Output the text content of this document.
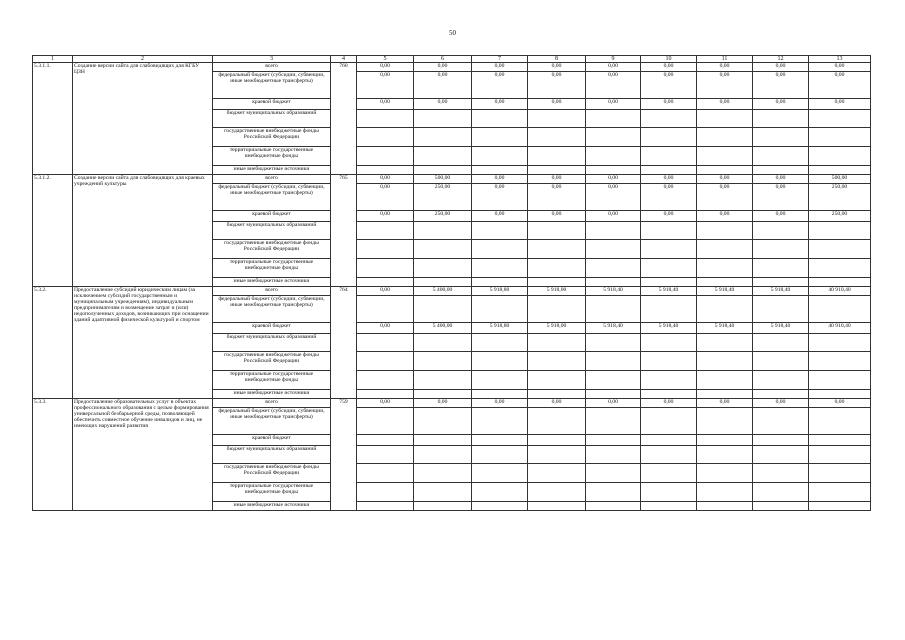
50
1	2	3	4	5	6	7	8	9	10	11	12	13
5.3.1.1.	Создание версии сайта для слабовидящих для КГБУ ЦЗН	всего	760	0,00	0,00	0,00	0,00	0,00	0,00	0,00	0,00	0,00
		федеральный бюджет (субсидии, субвенции, иные межбюджетные трансферты)		0,00	0,00	0,00	0,00	0,00	0,00	0,00	0,00	0,00
		краевой бюджет		0,00	0,00	0,00	0,00	0,00	0,00	0,00	0,00	0,00
		бюджет муниципальных образований										
		государственные внебюджетные фонды Российской Федерации										
		территориальные государственные внебюджетные фонды										
		иные внебюджетные источники										
5.3.1.2.	Создание версии сайта для слабовидящих для краевых учреждений культуры	всего	765	0,00	500,00	0,00	0,00	0,00	0,00	0,00	0,00	500,00
		федеральный бюджет (субсидии, субвенции, иные межбюджетные трансферты)		0,00	250,00	0,00	0,00	0,00	0,00	0,00	0,00	250,00
		краевой бюджет		0,00	250,00	0,00	0,00	0,00	0,00	0,00	0,00	250,00
		бюджет муниципальных образований										
		государственные внебюджетные фонды Российской Федерации										
		территориальные государственные внебюджетные фонды										
		иные внебюджетные источники										
5.3.2.	Предоставление субсидий юридическим лицам (за исключением субсидий государственным и муниципальным учреждениям), индивидуальным предпринимателям и возмещение затрат и (или) недополученных доходов, возникающих при оснащении зданий адаптивной физической культурой и спортом	всего	764	0,00	5 400,00	5 918,80	5 918,00	5 918,40	5 918,40	5 918,40	5 918,40	40 910,40
		федеральный бюджет (субсидии, субвенции, иные межбюджетные трансферты)										
		краевой бюджет		0,00	5 400,00	5 918,80	5 918,00	5 918,40	5 918,40	5 918,40	5 918,40	40 910,40
		бюджет муниципальных образований										
		государственные внебюджетные фонды Российской Федерации										
		территориальные государственные внебюджетные фонды										
		иные внебюджетные источники										
5.3.3.	Предоставление образовательных услуг в объектах профессионального образования с целью формирования универсальной безбарьерной среды, позволяющей обеспечить совместное обучение инвалидов и лиц, не имеющих нарушений развития	всего	759	0,00	0,00	0,00	0,00	0,00	0,00	0,00	0,00	0,00
		федеральный бюджет (субсидии, субвенции, иные межбюджетные трансферты)										
		краевой бюджет										
		бюджет муниципальных образований										
		государственные внебюджетные фонды Российской Федерации										
		территориальные государственные внебюджетные фонды										
		иные внебюджетные источники										
